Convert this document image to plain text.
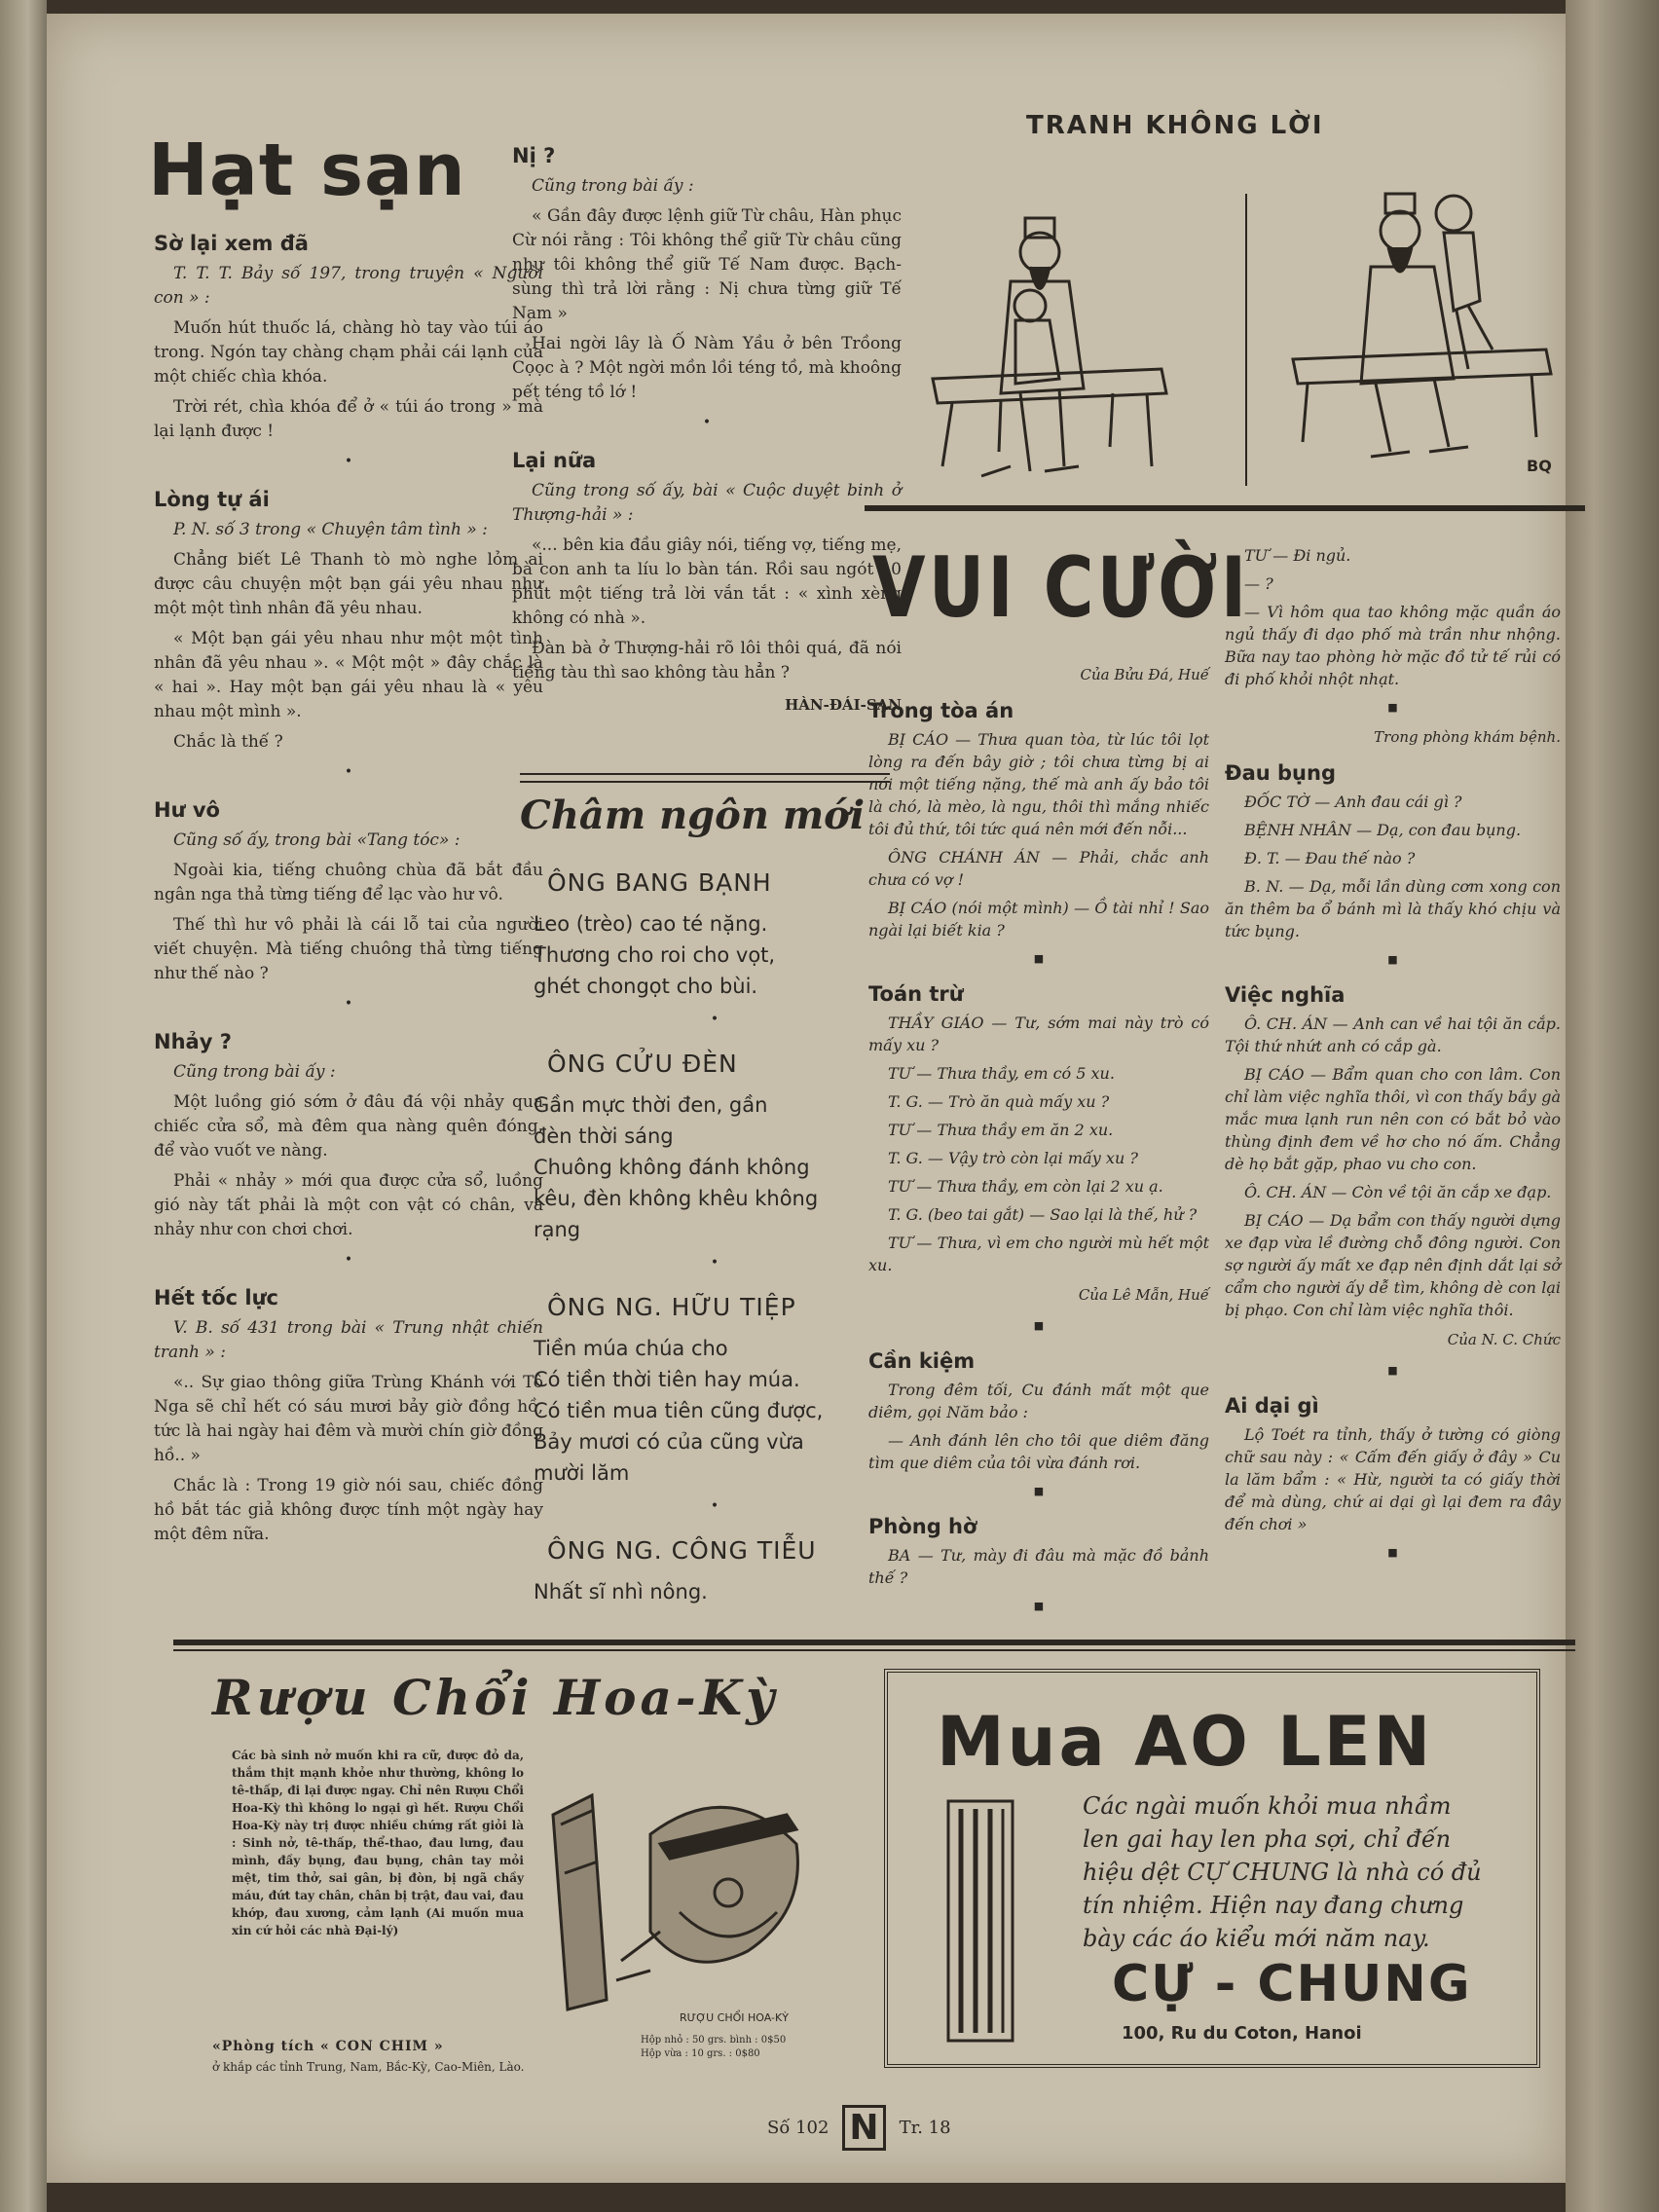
Hạt sạn
Sờ lại xem đã

T. T. T. Bảy số 197, trong truyện « Người con » :

Muốn hút thuốc lá, chàng hò tay vào túi áo trong. Ngón tay chàng chạm phải cái lạnh của một chiếc chìa khóa.

Trời rét, chìa khóa để ở « túi áo trong » mà lại lạnh được !

•
Lòng tự ái

P. N. số 3 trong « Chuyện tâm tình » :

Chẳng biết Lê Thanh tò mò nghe lỏm ai được câu chuyện một bạn gái yêu nhau như một một tình nhân đã yêu nhau.

« Một bạn gái yêu nhau như một một tình nhân đã yêu nhau ». « Một một » đây chắc là « hai ». Hay một bạn gái yêu nhau là « yêu nhau một mình ».

Chắc là thế ?

•
Hư vô

Cũng số ấy, trong bài «Tang tóc» :

Ngoài kia, tiếng chuông chùa đã bắt đầu ngân nga thả từng tiếng để lạc vào hư vô.

Thế thì hư vô phải là cái lỗ tai của người viết chuyện. Mà tiếng chuông thả từng tiếng như thế nào ?

•
Nhảy ?

Cũng trong bài ấy :

Một luồng gió sớm ở đâu đá vội nhảy qua chiếc cửa sổ, mà đêm qua nàng quên đóng, để vào vuốt ve nàng.

Phải « nhảy » mới qua được cửa sổ, luồng gió này tất phải là một con vật có chân, và nhảy như con chơi chơi.

•
Hết tốc lực

V. B. số 431 trong bài « Trung nhật chiến tranh » :

«.. Sự giao thông giữa Trùng Khánh với Tô Nga sẽ chỉ hết có sáu mươi bảy giờ đồng hồ, tức là hai ngày hai đêm và mười chín giờ đồng hồ.. »

Chắc là : Trong 19 giờ nói sau, chiếc đồng hồ bắt tác giả không được tính một ngày hay một đêm nữa.

Nị ?

Cũng trong bài ấy :

« Gần đây được lệnh giữ Từ châu, Hàn phục Cừ nói rằng : Tôi không thể giữ Từ châu cũng như tôi không thể giữ Tế Nam được. Bạch-sùng thì trả lời rằng : Nị chưa từng giữ Tế Nam »

Hai ngời lây là Ố Nàm Yầu ở bên Trồong Cọọc à ? Một ngời mồn lồi téng tồ, mà khoông pết téng tồ lớ !

•
Lại nữa

Cũng trong số ấy, bài « Cuộc duyệt binh ở Thượng-hải » :

«... bên kia đầu giây nói, tiếng vợ, tiếng mẹ, bà con anh ta líu lo bàn tán. Rồi sau ngót 10 phút một tiếng trả lời vắn tắt : « xình xèng không có nhà ».

Đàn bà ở Thượng-hải rõ lôi thôi quá, đã nói tiếng tàu thì sao không tàu hẳn ?

HÀN-ĐÁI-SẠN
Châm ngôn mới
ÔNG BANG BẠNH
Leo (trèo) cao té nặng.
Thương cho roi cho vọt,
ghét chongọt cho bùi.
•
ÔNG CỬU ĐÈN
Gần mực thời đen, gần
đèn thời sáng
Chuông không đánh không
kêu, đèn không khêu không
rạng
•
ÔNG NG. HỮU TIỆP
Tiền múa chúa cho
Có tiền thời tiên hay múa.
Có tiền mua tiên cũng được,
Bảy mươi có của cũng vừa
mười lăm
•
ÔNG NG. CÔNG TIỄU
Nhất sĩ nhì nông.
TRANH KHÔNG LỜI
BQ
VUI CƯỜI
Của Bửu Đá, Huế
Trong tòa án

BỊ CÁO — Thưa quan tòa, từ lúc tôi lọt lòng ra đến bây giờ ; tôi chưa từng bị ai nói một tiếng nặng, thế mà anh ấy bảo tôi là chó, là mèo, là ngu, thôi thì mắng nhiếc tôi đủ thứ, tôi tức quá nên mới đến nỗi...

ÔNG CHÁNH ÁN — Phải, chắc anh chưa có vợ !

BỊ CÁO (nói một mình) — Ồ tài nhỉ ! Sao ngài lại biết kia ?

■
Toán trừ

THẦY GIÁO — Tư, sớm mai này trò có mấy xu ?

TƯ — Thưa thầy, em có 5 xu.

T. G. — Trò ăn quà mấy xu ?

TƯ — Thưa thầy em ăn 2 xu.

T. G. — Vậy trò còn lại mấy xu ?

TƯ — Thưa thầy, em còn lại 2 xu ạ.

T. G. (beo tai gắt) — Sao lại là thế, hử ?

TƯ — Thưa, vì em cho người mù hết một xu.

Của Lê Mẫn, Huế
■
Cần kiệm

Trong đêm tối, Cu đánh mất một que diêm, gọi Năm bảo :

— Anh đánh lên cho tôi que diêm đăng tìm que diêm của tôi vừa đánh rơi.

■
Phòng hờ

BA — Tư, mày đi đâu mà mặc đồ bảnh thế ?

■

TƯ — Đi ngủ.

— ?

— Vì hôm qua tao không mặc quần áo ngủ thấy đi dạo phố mà trần như nhộng. Bữa nay tao phòng hờ mặc đồ tử tế rủi có đi phố khỏi nhột nhạt.

■
Trong phòng khám bệnh.
Đau bụng

ĐỐC TỜ — Anh đau cái gì ?

BỆNH NHÂN — Dạ, con đau bụng.

Đ. T. — Đau thế nào ?

B. N. — Dạ, mỗi lần dùng cơm xong con ăn thêm ba ổ bánh mì là thấy khó chịu và tức bụng.

■
Việc nghĩa

Ô. CH. ÁN — Anh can về hai tội ăn cắp. Tội thứ nhứt anh có cắp gà.

BỊ CÁO — Bẩm quan cho con lâm. Con chỉ làm việc nghĩa thôi, vì con thấy bầy gà mắc mưa lạnh run nên con có bắt bỏ vào thùng định đem về hơ cho nó ấm. Chẳng dè họ bắt gặp, phao vu cho con.

Ô. CH. ÁN — Còn về tội ăn cắp xe đạp.

BỊ CÁO — Dạ bẩm con thấy người dựng xe đạp vừa lề đường chỗ đông người. Con sợ người ấy mất xe đạp nên định dắt lại sở cẩm cho người ấy dễ tìm, không dè con lại bị phạo. Con chỉ làm việc nghĩa thôi.

Của N. C. Chức
■
Ai dại gì

Lộ Toét ra tỉnh, thấy ở tường có giòng chữ sau này : « Cấm đến giấy ở đây » Cu la lăm bẩm : « Hừ, người ta có giấy thời để mà dùng, chứ ai dại gì lại đem ra đây đến chơi »

■
Rượu Chổi Hoa-Kỳ
Các bà sinh nở muốn khi ra cữ, được đỏ da, thắm thịt mạnh khỏe như thường, không lo tê-thấp, đi lại được ngay. Chỉ nên Rượu Chổi Hoa-Kỳ thì không lo ngại gì hết. Rượu Chổi Hoa-Kỳ này trị được nhiều chứng rất giỏi là : Sinh nở, tê-thấp, thể-thao, đau lưng, đau mình, đầy bụng, đau bụng, chân tay mỏi mệt, tim thở, sai gân, bị đòn, bị ngã chầy máu, đứt tay chân, chân bị trật, đau vai, đau khớp, đau xương, cảm lạnh (Ai muốn mua xin cứ hỏi các nhà Đại-lý)
RƯỢU CHỔI HOA-KỲ
Hộp nhỏ : 50 grs. bình : 0$50
Hộp vừa : 10 grs. : 0$80
«Phòng tích « CON CHIM »
ở khắp các tỉnh Trung, Nam, Bắc-Kỳ, Cao-Miên, Lào.
Mua AO LEN
Các ngài muốn khỏi mua nhầm len gai hay len pha sợi, chỉ đến hiệu dệt CỰ CHUNG là nhà có đủ tín nhiệm. Hiện nay đang chưng bày các áo kiểu mới năm nay.
CỰ - CHUNG
100, Ru du Coton, Hanoi
Số 102 N	Tr. 18
